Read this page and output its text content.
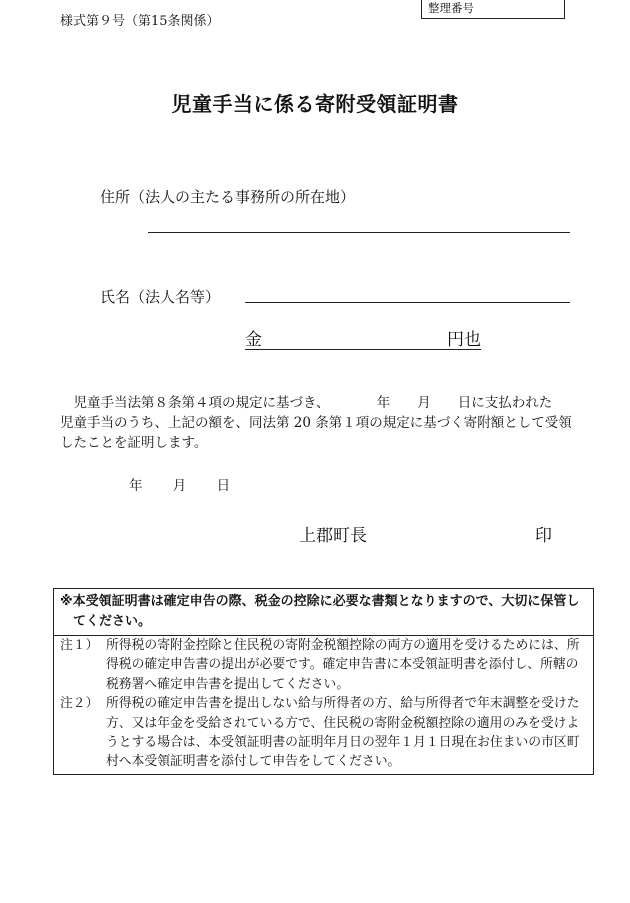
様式第９号（第15条関係）
整理番号
児童手当に係る寄附受領証明書
住所（法人の主たる事務所の所在地）
氏名（法人名等）
金	円也
　児童手当法第８条第４項の規定に基づき、　　　　年　　月　　日に支払われた
児童手当のうち、上記の額を、同法第 20 条第１項の規定に基づく寄附額として受領
したことを証明します。
年 月 日
上郡町長	印
※本受領証明書は確定申告の際、税金の控除に必要な書類となりますので、大切に保管してください。
注１） 所得税の寄附金控除と住民税の寄附金税額控除の両方の適用を受けるためには、所得税の確定申告書の提出が必要です。確定申告書に本受領証明書を添付し、所轄の税務署へ確定申告書を提出してください。
注２） 所得税の確定申告書を提出しない給与所得者の方、給与所得者で年末調整を受けた方、又は年金を受給されている方で、住民税の寄附金税額控除の適用のみを受けようとする場合は、本受領証明書の証明年月日の翌年１月１日現在お住まいの市区町村へ本受領証明書を添付して申告をしてください。
